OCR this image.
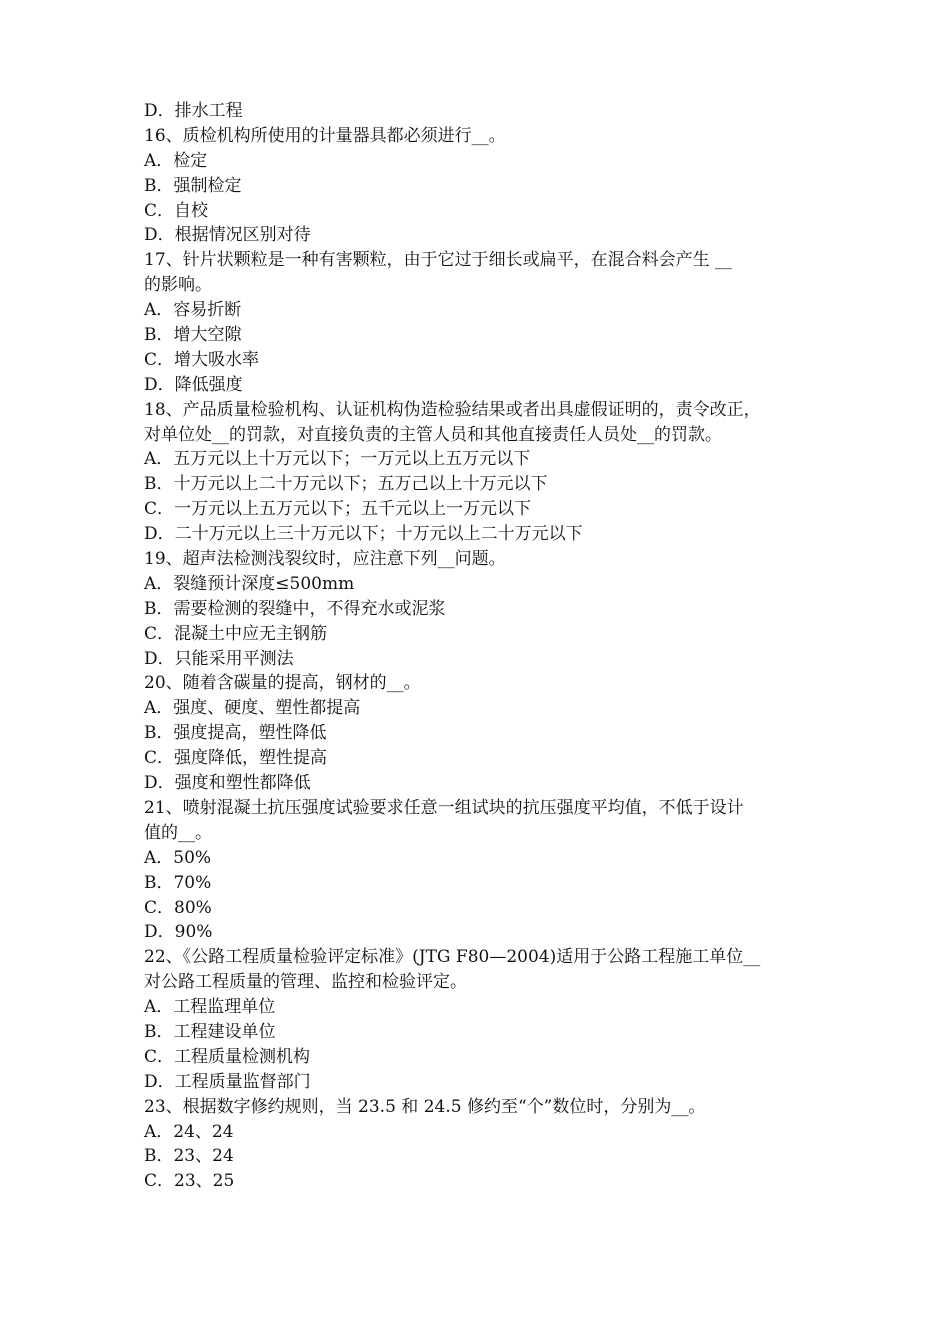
D．排水工程
16、质检机构所使用的计量器具都必须进行__。
A．检定
B．强制检定
C．自校
D．根据情况区别对待
17、针片状颗粒是一种有害颗粒，由于它过于细长或扁平，在混合料会产生 __
的影响。
A．容易折断
B．增大空隙
C．增大吸水率
D．降低强度
18、产品质量检验机构、认证机构伪造检验结果或者出具虚假证明的，责令改正，
对单位处__的罚款，对直接负责的主管人员和其他直接责任人员处__的罚款。
A．五万元以上十万元以下；一万元以上五万元以下
B．十万元以上二十万元以下；五万己以上十万元以下
C．一万元以上五万元以下；五千元以上一万元以下
D．二十万元以上三十万元以下；十万元以上二十万元以下
19、超声法检测浅裂纹时，应注意下列__问题。
A．裂缝预计深度≤500mm
B．需要检测的裂缝中，不得充水或泥浆
C．混凝土中应无主钢筋
D．只能采用平测法
20、随着含碳量的提高，钢材的__。
A．强度、硬度、塑性都提高
B．强度提高，塑性降低
C．强度降低，塑性提高
D．强度和塑性都降低
21、喷射混凝土抗压强度试验要求任意一组试块的抗压强度平均值，不低于设计
值的__。
A．50%
B．70%
C．80%
D．90%
22、《公路工程质量检验评定标准》(JTG F80—2004)适用于公路工程施工单位__
对公路工程质量的管理、监控和检验评定。
A．工程监理单位
B．工程建设单位
C．工程质量检测机构
D．工程质量监督部门
23、根据数字修约规则，当 23.5 和 24.5 修约至“个”数位时，分别为__。
A．24、24
B．23、24
C．23、25
